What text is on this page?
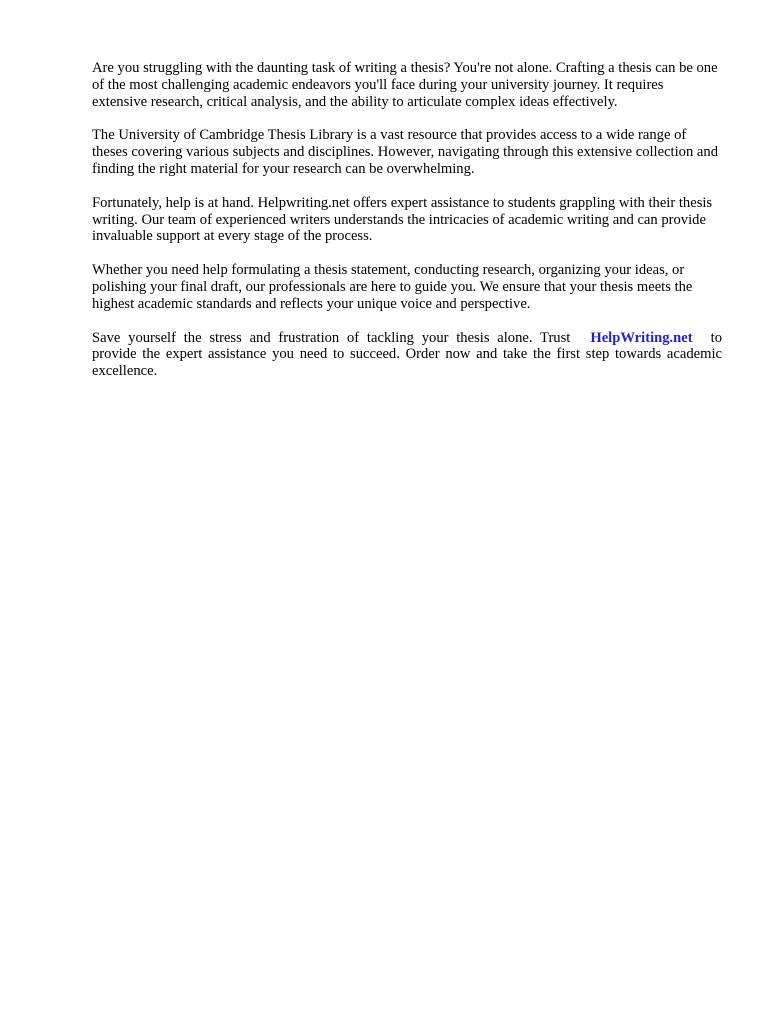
Are you struggling with the daunting task of writing a thesis? You're not alone. Crafting a thesis can be one of the most challenging academic endeavors you'll face during your university journey. It requires extensive research, critical analysis, and the ability to articulate complex ideas effectively.

The University of Cambridge Thesis Library is a vast resource that provides access to a wide range of theses covering various subjects and disciplines. However, navigating through this extensive collection and finding the right material for your research can be overwhelming.

Fortunately, help is at hand. Helpwriting.net offers expert assistance to students grappling with their thesis writing. Our team of experienced writers understands the intricacies of academic writing and can provide invaluable support at every stage of the process.

Whether you need help formulating a thesis statement, conducting research, organizing your ideas, or polishing your final draft, our professionals are here to guide you. We ensure that your thesis meets the highest academic standards and reflects your unique voice and perspective.

Save yourself the stress and frustration of tackling your thesis alone. Trust HelpWriting.net to provide the expert assistance you need to succeed. Order now and take the first step towards academic excellence.
